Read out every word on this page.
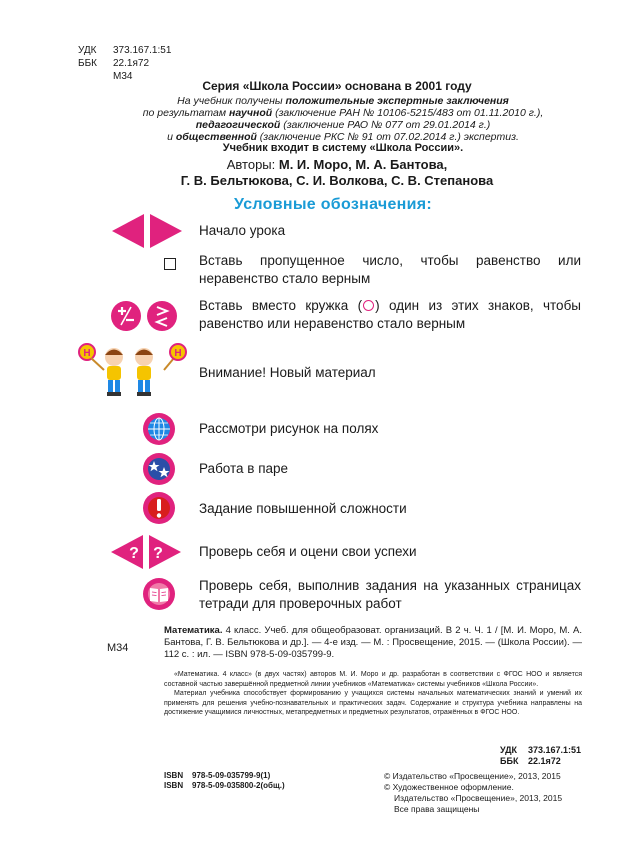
УДК 373.167.1:51
ББК 22.1я72
М34
Серия «Школа России» основана в 2001 году
На учебник получены положительные экспертные заключения
по результатам научной (заключение РАН № 10106-5215/483 от 01.11.2010 г.),
педагогической (заключение РАО № 077 от 29.01.2014 г.)
и общественной (заключение РКС № 91 от 07.02.2014 г.) экспертиз.
Учебник входит в систему «Школа России».
Авторы: М. И. Моро, М. А. Бантова,
Г. В. Бельтюкова, С. И. Волкова, С. В. Степанова
Условные обозначения:
Начало урока
Вставь пропущенное число, чтобы равенство или неравенство стало верным
Вставь вместо кружка ( ) один из этих знаков, чтобы равенство или неравенство стало верным
Н	Н
Внимание! Новый материал
Рассмотри рисунок на полях
Работа в паре
Задание повышенной сложности
? ?	Проверь себя и оцени свои успехи
Проверь себя, выполнив задания на указанных страницах тетради для проверочных работ
М34
Математика. 4 класс. Учеб. для общеобразоват. организаций. В 2 ч. Ч. 1 / [М. И. Моро, М. А. Бантова, Г. В. Бельтюкова и др.]. — 4-е изд. — М. : Просвещение, 2015. — (Школа России). — 112 с. : ил. — ISBN 978-5-09-035799-9.

«Математика. 4 класс» (в двух частях) авторов М. И. Моро и др. разработан в соответствии с ФГОС НОО и является составной частью завершённой предметной линии учебников «Математика» системы учебников «Школа России».

Материал учебника способствует формированию у учащихся системы начальных математических знаний и умений их применять для решения учебно-познавательных и практических задач. Содержание и структура учебника направлены на достижение учащимися личностных, метапредметных и предметных результатов, отражённых в ФГОС НОО.

УДК 373.167.1:51
ББК 22.1я72
ISBN 978-5-09-035799-9(1)
ISBN 978-5-09-035800-2(общ.)
© Издательство «Просвещение», 2013, 2015
© Художественное оформление.
Издательство «Просвещение», 2013, 2015
Все права защищены
